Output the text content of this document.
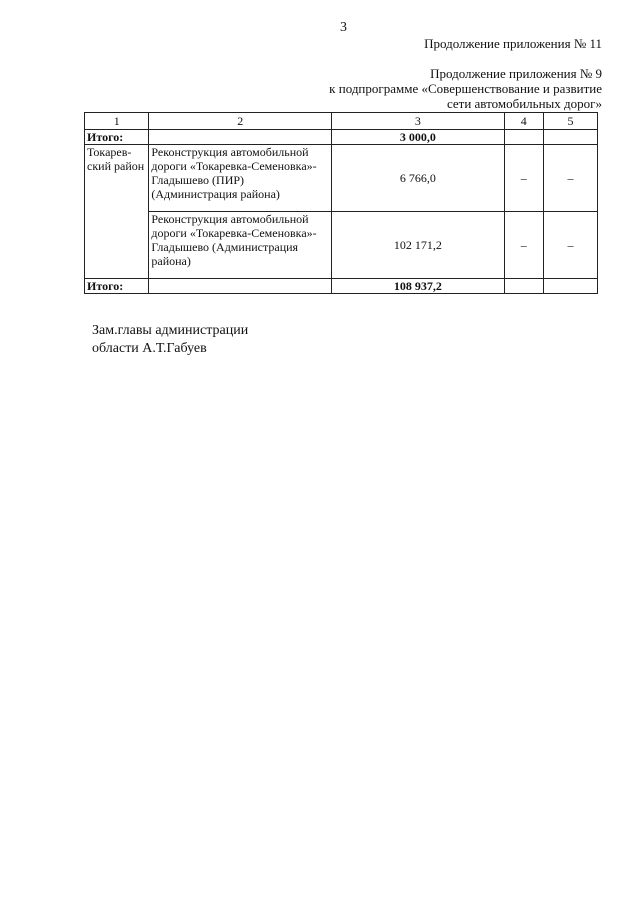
3
Продолжение приложения № 11
Продолжение приложения № 9
к подпрограмме «Совершенствование и развитие
сети автомобильных дорог»
1	2	3	4	5
Итого:		3 000,0		
Токарев-ский район	Реконструкция автомобильной дороги «Токаревка-Семеновка»- Гладышево (ПИР) (Администрация района)	6 766,0	–	–
	Реконструкция автомобильной дороги «Токаревка-Семеновка»- Гладышево (Администрация района)	102 171,2	–	–
Итого:		108 937,2		
Зам.главы администрации
области А.Т.Габуев
